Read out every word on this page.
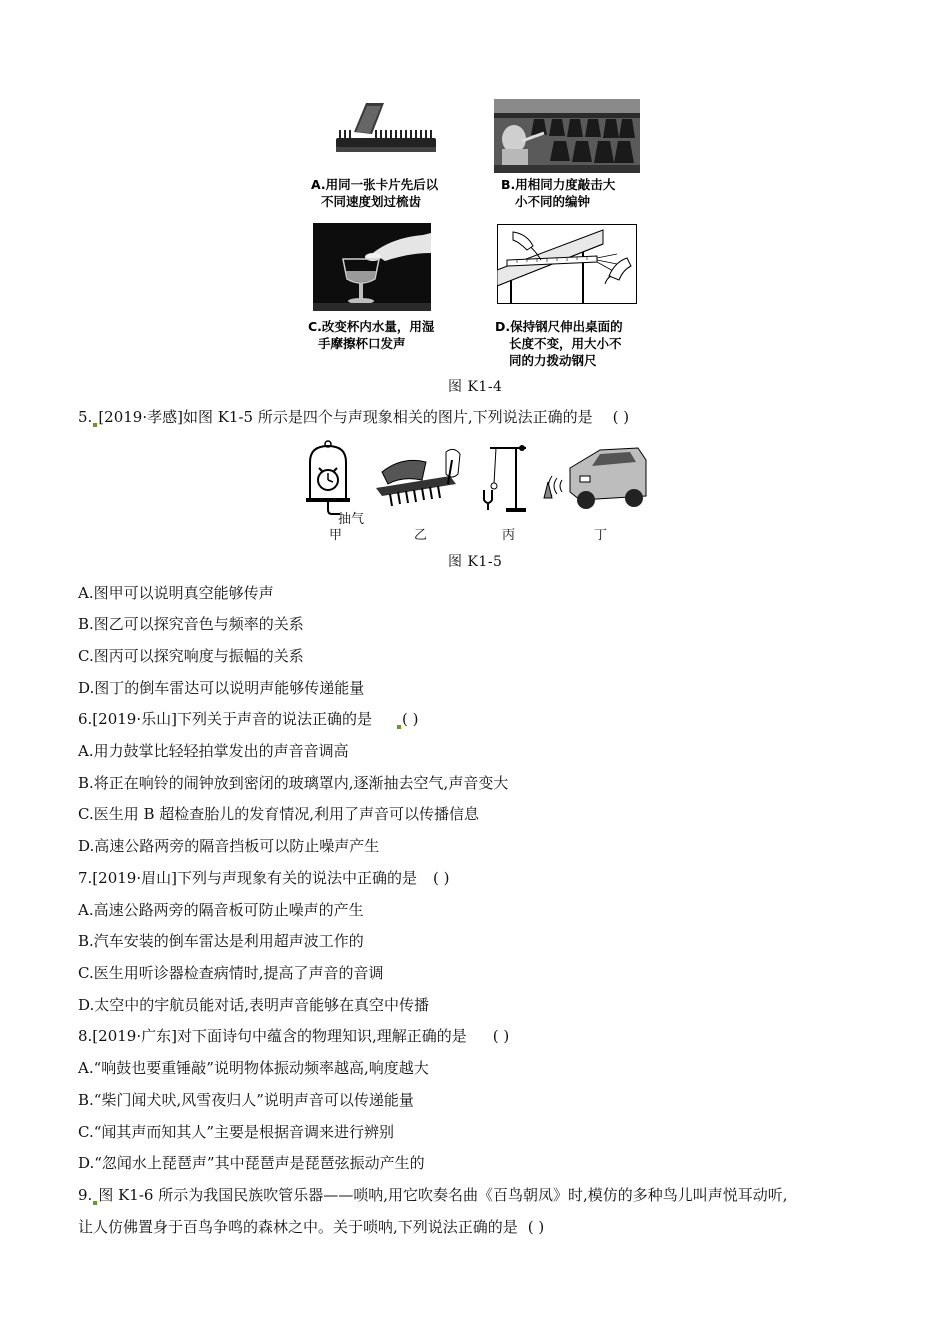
A.用同一张卡片先后以
不同速度划过梳齿
B.用相同力度敲击大
小不同的编钟
C.改变杯内水量，用湿
手摩擦杯口发声
D.保持钢尺伸出桌面的
长度不变，用大小不
同的力拨动钢尺
图 K1-4
5. [2019·孝感]如图 K1-5 所示是四个与声现象相关的图片,下列说法正确的是 ( )
抽气
甲	乙	丙	丁
图 K1-5
A.图甲可以说明真空能够传声
B.图乙可以探究音色与频率的关系
C.图丙可以探究响度与振幅的关系
D.图丁的倒车雷达可以说明声能够传递能量
6.[2019·乐山]下列关于声音的说法正确的是 ( )
A.用力鼓掌比轻轻拍掌发出的声音音调高
B.将正在响铃的闹钟放到密闭的玻璃罩内,逐渐抽去空气,声音变大
C.医生用 B 超检查胎儿的发育情况,利用了声音可以传播信息
D.高速公路两旁的隔音挡板可以防止噪声产生
7.[2019·眉山]下列与声现象有关的说法中正确的是 ( )
A.高速公路两旁的隔音板可防止噪声的产生
B.汽车安装的倒车雷达是利用超声波工作的
C.医生用听诊器检查病情时,提高了声音的音调
D.太空中的宇航员能对话,表明声音能够在真空中传播
8.[2019·广东]对下面诗句中蕴含的物理知识,理解正确的是 ( )
A.“响鼓也要重锤敲”说明物体振动频率越高,响度越大
B.“柴门闻犬吠,风雪夜归人”说明声音可以传递能量
C.“闻其声而知其人”主要是根据音调来进行辨别
D.“忽闻水上琵琶声”其中琵琶声是琵琶弦振动产生的
9. 图 K1-6 所示为我国民族吹管乐器——唢呐,用它吹奏名曲《百鸟朝凤》时,模仿的多种鸟儿叫声悦耳动听,
让人仿佛置身于百鸟争鸣的森林之中。关于唢呐,下列说法正确的是 ( )
